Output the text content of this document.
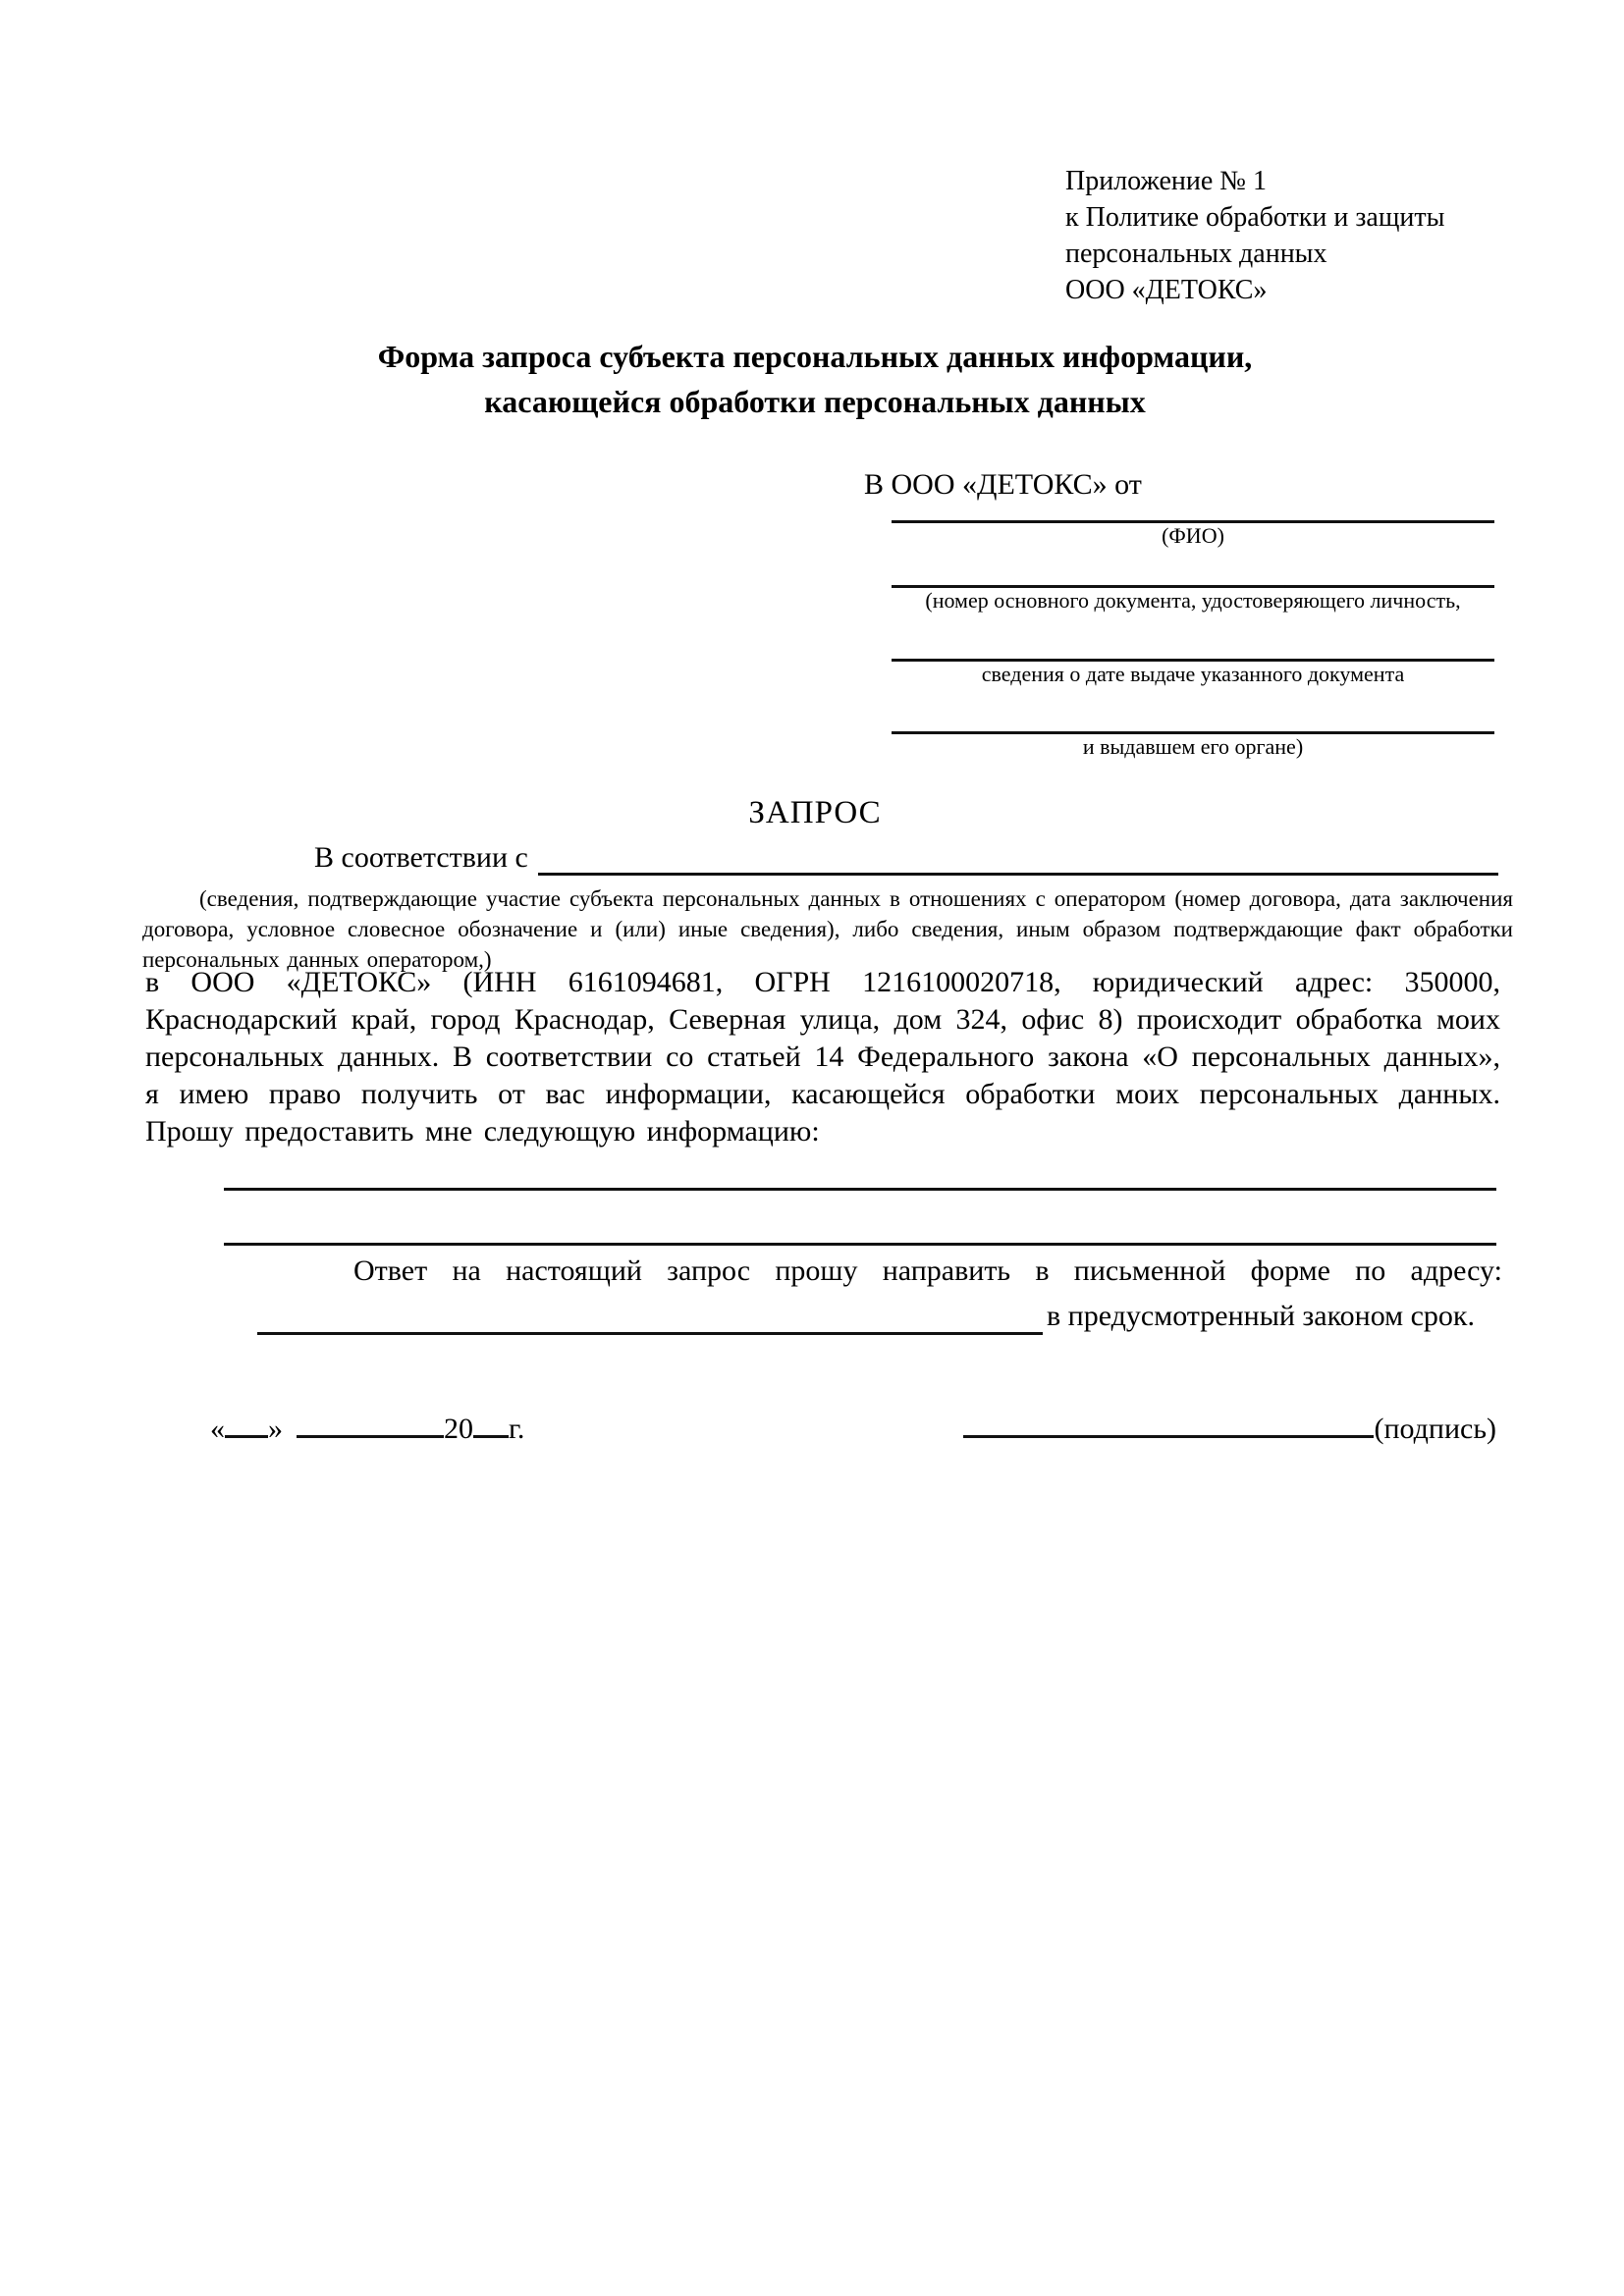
Приложение № 1
к Политике обработки и защиты
персональных данных
ООО «ДЕТОКС»
Форма запроса субъекта персональных данных информации,
касающейся обработки персональных данных
В ООО «ДЕТОКС» от
(ФИО)
(номер основного документа, удостоверяющего личность,
сведения о дате выдаче указанного документа
и выдавшем его органе)
ЗАПРОС
В соответствии с
(сведения, подтверждающие участие субъекта персональных данных в отношениях с оператором (номер договора, дата заключения договора, условное словесное обозначение и (или) иные сведения), либо сведения, иным образом подтверждающие факт обработки персональных данных оператором,)
в ООО «ДЕТОКС» (ИНН 6161094681, ОГРН 1216100020718, юридический адрес: 350000, Краснодарский край, город Краснодар, Северная улица, дом 324, офис 8) происходит обработка моих персональных данных. В соответствии со статьей 14 Федерального закона «О персональных данных», я имею право получить от вас информации, касающейся обработки моих персональных данных. Прошу предоставить мне следующую информацию:
Ответ на настоящий запрос прошу направить в письменной форме по адресу:
в предусмотренный законом срок.
« »	20 г.	(подпись)
